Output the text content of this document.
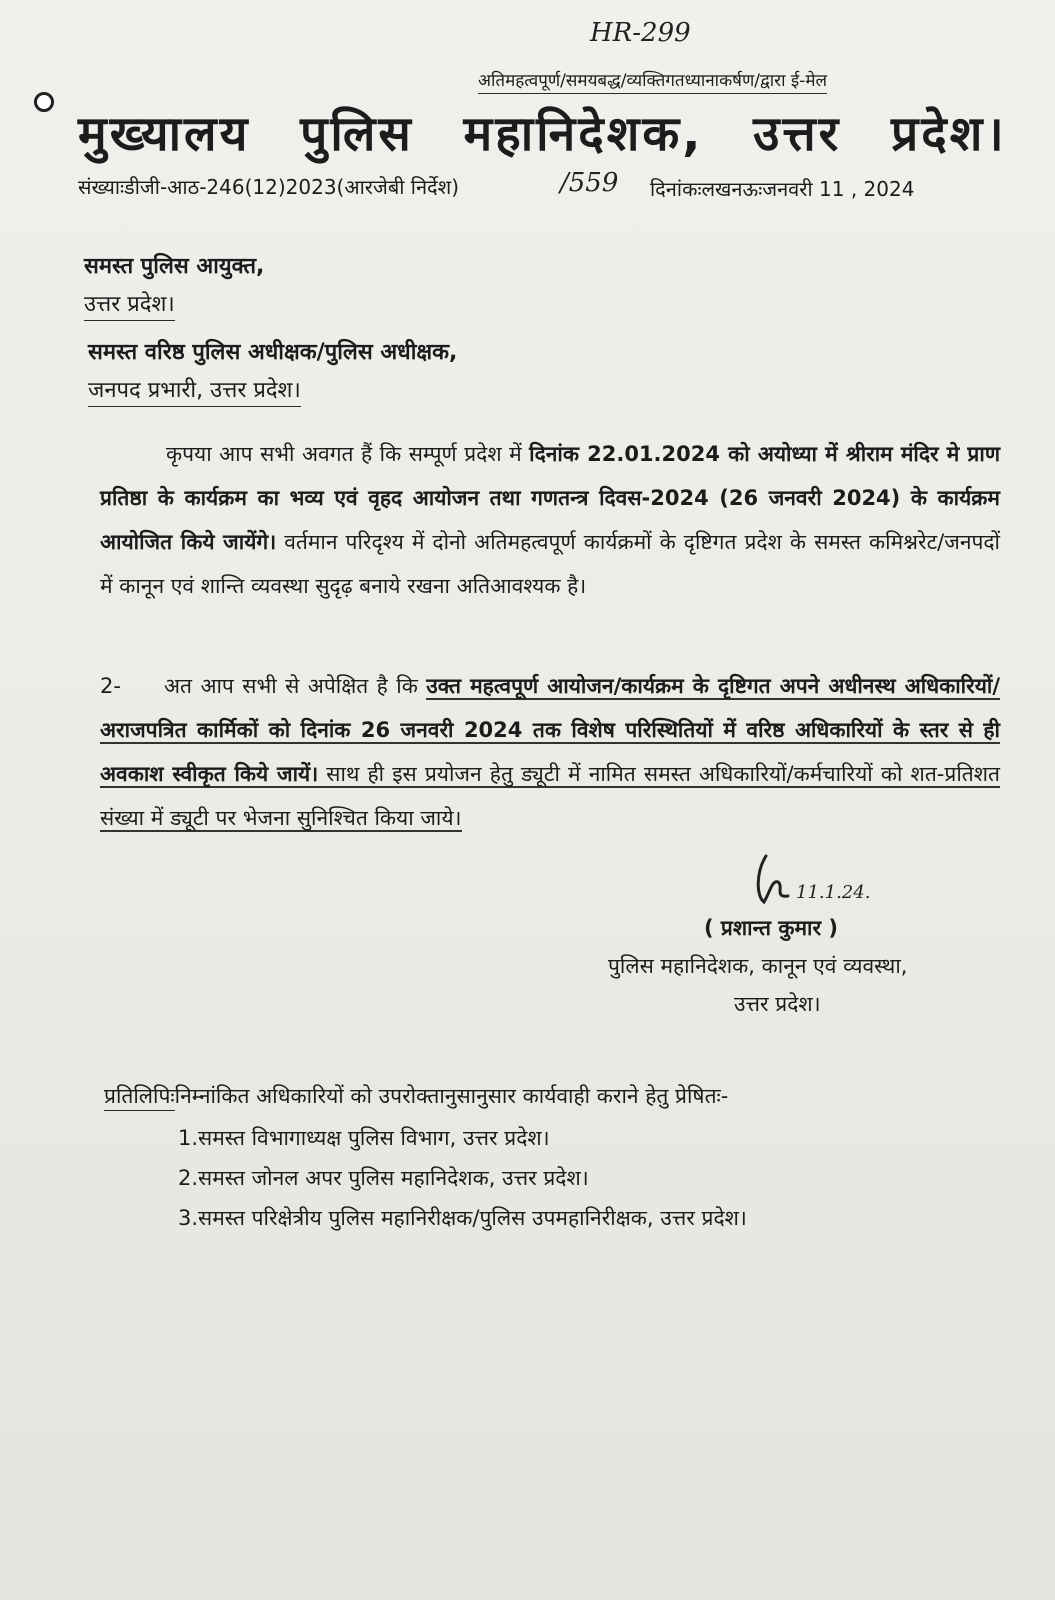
HR-299
अतिमहत्वपूर्ण/समयबद्ध/व्यक्तिगतध्यानाकर्षण/द्वारा ई-मेल
मुख्यालय पुलिस महानिदेशक, उत्तर प्रदेश।
संख्याःडीजी-आठ-246(12)2023(आरजेबी निर्देश)	/559 दिनांकःलखनऊःजनवरी 11 , 2024
समस्त पुलिस आयुक्त,
उत्तर प्रदेश।
समस्त वरिष्ठ पुलिस अधीक्षक/पुलिस अधीक्षक,
जनपद प्रभारी, उत्तर प्रदेश।
कृपया आप सभी अवगत हैं कि सम्पूर्ण प्रदेश में दिनांक 22.01.2024 को अयोध्या में श्रीराम मंदिर मे प्राण प्रतिष्ठा के कार्यक्रम का भव्य एवं वृहद आयोजन तथा गणतन्त्र दिवस-2024 (26 जनवरी 2024) के कार्यक्रम आयोजित किये जायेंगे। वर्तमान परिदृश्य में दोनो अतिमहत्वपूर्ण कार्यक्रमों के दृष्टिगत प्रदेश के समस्त कमिश्नरेट/जनपदों में कानून एवं शान्ति व्यवस्था सुदृढ़ बनाये रखना अतिआवश्यक है।
2- अत आप सभी से अपेक्षित है कि उक्त महत्वपूर्ण आयोजन/कार्यक्रम के दृष्टिगत अपने अधीनस्थ अधिकारियों/अराजपत्रित कार्मिकों को दिनांक 26 जनवरी 2024 तक विशेष परिस्थितियों में वरिष्ठ अधिकारियों के स्तर से ही अवकाश स्वीकृत किये जायें। साथ ही इस प्रयोजन हेतु ड्यूटी में नामित समस्त अधिकारियों/कर्मचारियों को शत-प्रतिशत संख्या में ड्यूटी पर भेजना सुनिश्चित किया जाये।
11.1.24.
( प्रशान्त कुमार )
पुलिस महानिदेशक, कानून एवं व्यवस्था,
उत्तर प्रदेश।
प्रतिलिपिःनिम्नांकित अधिकारियों को उपरोक्तानुसानुसार कार्यवाही कराने हेतु प्रेषितः-
1.समस्त विभागाध्यक्ष पुलिस विभाग, उत्तर प्रदेश।
2.समस्त जोनल अपर पुलिस महानिदेशक, उत्तर प्रदेश।
3.समस्त परिक्षेत्रीय पुलिस महानिरीक्षक/पुलिस उपमहानिरीक्षक, उत्तर प्रदेश।
